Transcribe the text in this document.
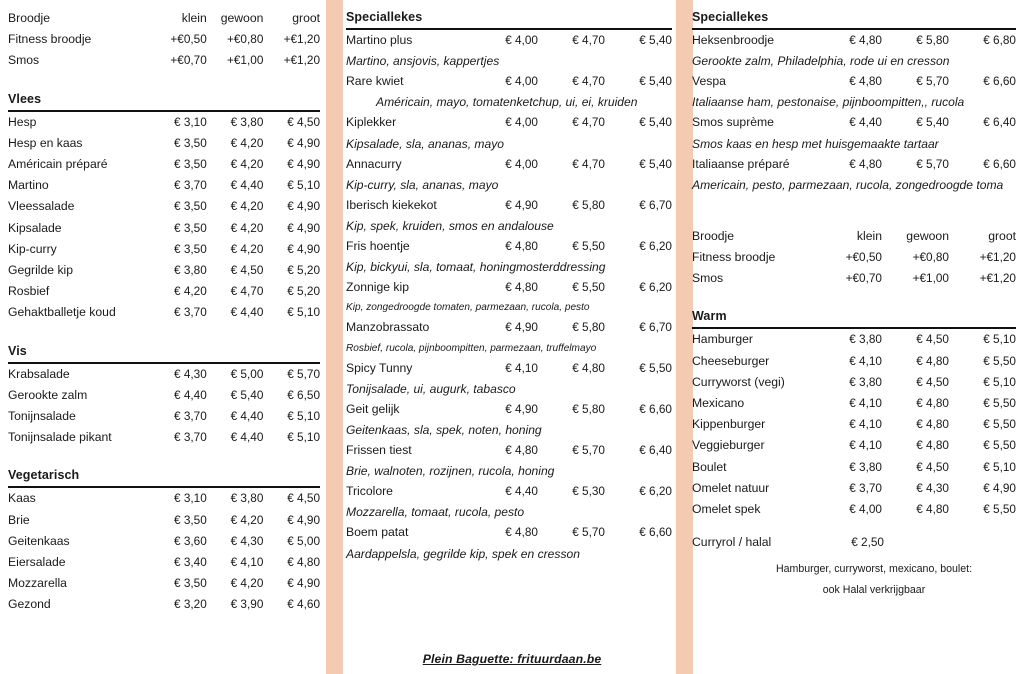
Broodje	klein	gewoon	groot
Fitness broodje	+€0,50	+€0,80	+€1,20
Smos	+€0,70	+€1,00	+€1,20
Vlees
Hesp	€ 3,10	€ 3,80	€ 4,50
Hesp en kaas	€ 3,50	€ 4,20	€ 4,90
Américain préparé	€ 3,50	€ 4,20	€ 4,90
Martino	€ 3,70	€ 4,40	€ 5,10
Vleessalade	€ 3,50	€ 4,20	€ 4,90
Kipsalade	€ 3,50	€ 4,20	€ 4,90
Kip-curry	€ 3,50	€ 4,20	€ 4,90
Gegrilde kip	€ 3,80	€ 4,50	€ 5,20
Rosbief	€ 4,20	€ 4,70	€ 5,20
Gehaktballetje koud	€ 3,70	€ 4,40	€ 5,10
Vis
Krabsalade	€ 4,30	€ 5,00	€ 5,70
Gerookte zalm	€ 4,40	€ 5,40	€ 6,50
Tonijnsalade	€ 3,70	€ 4,40	€ 5,10
Tonijnsalade pikant	€ 3,70	€ 4,40	€ 5,10
Vegetarisch
Kaas	€ 3,10	€ 3,80	€ 4,50
Brie	€ 3,50	€ 4,20	€ 4,90
Geitenkaas	€ 3,60	€ 4,30	€ 5,00
Eiersalade	€ 3,40	€ 4,10	€ 4,80
Mozzarella	€ 3,50	€ 4,20	€ 4,90
Gezond	€ 3,20	€ 3,90	€ 4,60
Speciallekes
Martino plus	€ 4,00	€ 4,70	€ 5,40
Martino, ansjovis, kappertjes
Rare kwiet	€ 4,00	€ 4,70	€ 5,40
Américain, mayo, tomatenketchup, ui, ei, kruiden
Kiplekker	€ 4,00	€ 4,70	€ 5,40
Kipsalade, sla, ananas, mayo
Annacurry	€ 4,00	€ 4,70	€ 5,40
Kip-curry, sla, ananas, mayo
Iberisch kiekekot	€ 4,90	€ 5,80	€ 6,70
Kip, spek, kruiden, smos en andalouse
Fris hoentje	€ 4,80	€ 5,50	€ 6,20
Kip, bickyui, sla, tomaat, honingmosterddressing
Zonnige kip	€ 4,80	€ 5,50	€ 6,20
Kip, zongedroogde tomaten, parmezaan, rucola, pesto
Manzobrassato	€ 4,90	€ 5,80	€ 6,70
Rosbief, rucola, pijnboompitten, parmezaan, truffelmayo
Spicy Tunny	€ 4,10	€ 4,80	€ 5,50
Tonijsalade, ui, augurk, tabasco
Geit gelijk	€ 4,90	€ 5,80	€ 6,60
Geitenkaas, sla, spek, noten, honing
Frissen tiest	€ 4,80	€ 5,70	€ 6,40
Brie, walnoten, rozijnen, rucola, honing
Tricolore	€ 4,40	€ 5,30	€ 6,20
Mozzarella, tomaat, rucola, pesto
Boem patat	€ 4,80	€ 5,70	€ 6,60
Aardappelsla, gegrilde kip, spek en cresson
Speciallekes
Heksenbroodje	€ 4,80	€ 5,80	€ 6,80
Gerookte zalm, Philadelphia, rode ui en cresson
Vespa	€ 4,80	€ 5,70	€ 6,60
Italiaanse ham, pestonaise, pijnboompitten,, rucola
Smos suprème	€ 4,40	€ 5,40	€ 6,40
Smos kaas en hesp met huisgemaakte tartaar
Italiaanse préparé	€ 4,80	€ 5,70	€ 6,60
Americain, pesto, parmezaan, rucola, zongedroogde toma
Broodje	klein	gewoon	groot
Fitness broodje	+€0,50	+€0,80	+€1,20
Smos	+€0,70	+€1,00	+€1,20
Warm
Hamburger	€ 3,80	€ 4,50	€ 5,10
Cheeseburger	€ 4,10	€ 4,80	€ 5,50
Curryworst (vegi)	€ 3,80	€ 4,50	€ 5,10
Mexicano	€ 4,10	€ 4,80	€ 5,50
Kippenburger	€ 4,10	€ 4,80	€ 5,50
Veggieburger	€ 4,10	€ 4,80	€ 5,50
Boulet	€ 3,80	€ 4,50	€ 5,10
Omelet natuur	€ 3,70	€ 4,30	€ 4,90
Omelet spek	€ 4,00	€ 4,80	€ 5,50
Curryrol / halal	€ 2,50
Hamburger, curryworst, mexicano, boulet:
ook Halal verkrijgbaar
Plein Baguette: frituurdaan.be
